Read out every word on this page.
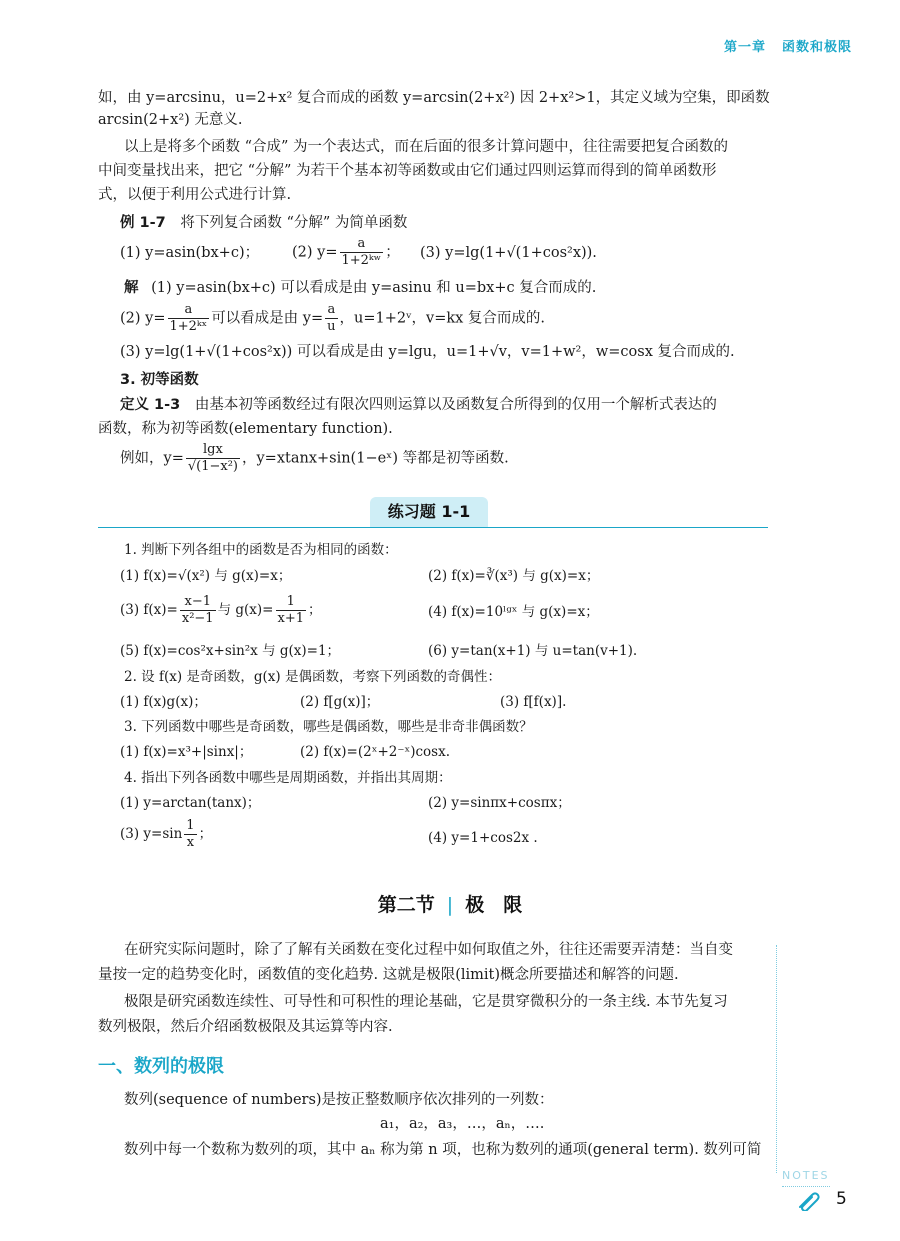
第一章 函数和极限
如，由 y=arcsinu，u=2+x² 复合而成的函数 y=arcsin(2+x²) 因 2+x²>1，其定义域为空集，即函数
arcsin(2+x²) 无意义.
以上是将多个函数 “合成” 为一个表达式，而在后面的很多计算问题中，往往需要把复合函数的
中间变量找出来，把它 “分解” 为若干个基本初等函数或由它们通过四则运算而得到的简单函数形
式，以便于利用公式进行计算.
例 1-7 将下列复合函数 “分解” 为简单函数
(1) y=asin(bx+c)； (2) $y= \frac{a}{\text{1+2ᵏʷ}}$ ； (3) y=lg(1+√(1+cos²x)).
解 (1) y=asin(bx+c) 可以看成是由 y=asinu 和 u=bx+c 复合而成的.
(2) $y= \frac{a}{\text{1+2ᵏˣ}}$ 可以看成是由 $y= \frac{a}{u}$ ，u=1+2ᵛ，v=kx 复合而成的.
(3) y=lg(1+√(1+cos²x)) 可以看成是由 y=lgu，u=1+√v，v=1+w²，w=cosx 复合而成的.
3. 初等函数
定义 1-3 由基本初等函数经过有限次四则运算以及函数复合所得到的仅用一个解析式表达的
函数，称为初等函数(elementary function).
例如，$y= \frac{\lg x}{\text{√(1−x²)}}$ ，y=xtanx+sin(1−eˣ) 等都是初等函数.
练习题 1-1
1. 判断下列各组中的函数是否为相同的函数：
(1) f(x)=√(x²) 与 g(x)=x；	(2) f(x)=∛(x³) 与 g(x)=x；
(3) $f(x)= \frac{x-1}{\text{x²−1}}$ 与 $g(x)= \frac{1}{x+1}$ ；	(4) f(x)=10ˡᵍˣ 与 g(x)=x；
(5) f(x)=cos²x+sin²x 与 g(x)=1；	(6) y=tan(x+1) 与 u=tan(v+1).
2. 设 f(x) 是奇函数，g(x) 是偶函数，考察下列函数的奇偶性：
(1) f(x)g(x)；	(2) f[g(x)]；	(3) f[f(x)].
3. 下列函数中哪些是奇函数，哪些是偶函数，哪些是非奇非偶函数？
(1) f(x)=x³+|sinx|；	(2) f(x)=(2ˣ+2⁻ˣ)cosx.
4. 指出下列各函数中哪些是周期函数，并指出其周期：
(1) y=arctan(tanx)；	(2) y=sinπx+cosπx；
(3) $y=\sin \frac{1}{x}$ ；	(4) y=1+cos2x .
第二节 | 极　限
在研究实际问题时，除了了解有关函数在变化过程中如何取值之外，往往还需要弄清楚：当自变
量按一定的趋势变化时，函数值的变化趋势. 这就是极限(limit)概念所要描述和解答的问题.
极限是研究函数连续性、可导性和可积性的理论基础，它是贯穿微积分的一条主线. 本节先复习
数列极限，然后介绍函数极限及其运算等内容.
一、数列的极限
数列(sequence of numbers)是按正整数顺序依次排列的一列数：
a₁，a₂，a₃，…，aₙ，….
数列中每一个数称为数列的项，其中 aₙ 称为第 n 项，也称为数列的通项(general term). 数列可简
NOTES
5
